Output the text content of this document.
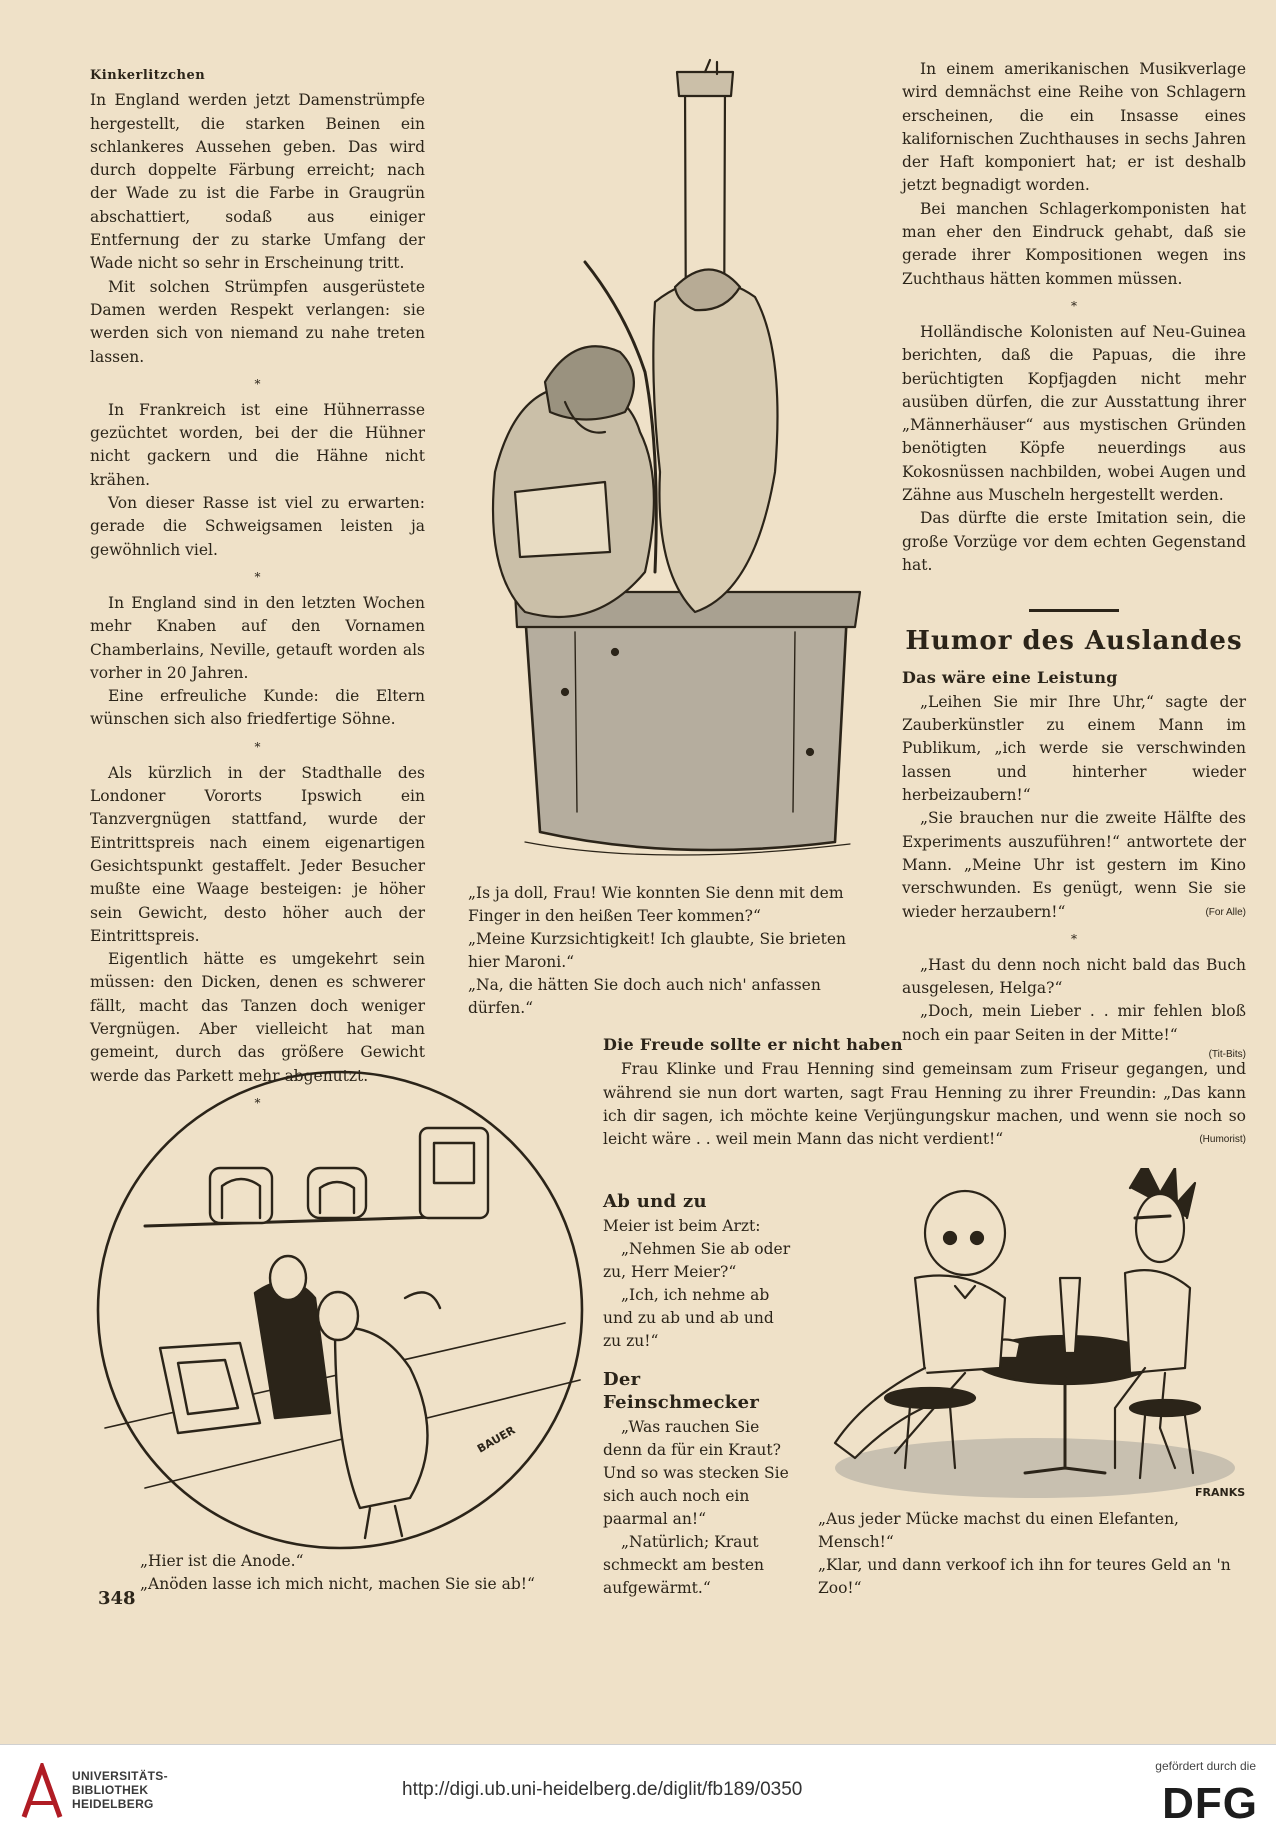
Kinkerlitzchen

In England werden jetzt Damenstrümpfe hergestellt, die starken Beinen ein schlankeres Aussehen geben. Das wird durch doppelte Färbung erreicht; nach der Wade zu ist die Farbe in Graugrün abschattiert, sodaß aus einiger Entfernung der zu starke Umfang der Wade nicht so sehr in Erscheinung tritt.

Mit solchen Strümpfen ausgerüstete Damen werden Respekt verlangen: sie werden sich von niemand zu nahe treten lassen.

*

In Frankreich ist eine Hühnerrasse gezüchtet worden, bei der die Hühner nicht gackern und die Hähne nicht krähen.

Von dieser Rasse ist viel zu erwarten: gerade die Schweigsamen leisten ja gewöhnlich viel.

*

In England sind in den letzten Wochen mehr Knaben auf den Vornamen Chamberlains, Neville, getauft worden als vorher in 20 Jahren.

Eine erfreuliche Kunde: die Eltern wünschen sich also friedfertige Söhne.

*

Als kürzlich in der Stadthalle des Londoner Vororts Ipswich ein Tanzvergnügen stattfand, wurde der Eintrittspreis nach einem eigenartigen Gesichtspunkt gestaffelt. Jeder Besucher mußte eine Waage besteigen: je höher sein Gewicht, desto höher auch der Eintrittspreis.

Eigentlich hätte es umgekehrt sein müssen: den Dicken, denen es schwerer fällt, macht das Tanzen doch weniger Vergnügen. Aber vielleicht hat man gemeint, durch das größere Gewicht werde das Parkett mehr abgenutzt.

*

„Is ja doll, Frau! Wie konnten Sie denn mit dem Finger in den heißen Teer kommen?“

„Meine Kurzsichtigkeit! Ich glaubte, Sie brieten hier Maroni.“

„Na, die hätten Sie doch auch nich' anfassen dürfen.“

In einem amerikanischen Musikverlage wird demnächst eine Reihe von Schlagern erscheinen, die ein Insasse eines kalifornischen Zuchthauses in sechs Jahren der Haft komponiert hat; er ist deshalb jetzt begnadigt worden.

Bei manchen Schlagerkomponisten hat man eher den Eindruck gehabt, daß sie gerade ihrer Kompositionen wegen ins Zuchthaus hätten kommen müssen.

*

Holländische Kolonisten auf Neu-Guinea berichten, daß die Papuas, die ihre berüchtigten Kopfjagden nicht mehr ausüben dürfen, die zur Ausstattung ihrer „Männerhäuser“ aus mystischen Gründen benötigten Köpfe neuerdings aus Kokosnüssen nachbilden, wobei Augen und Zähne aus Muscheln hergestellt werden.

Das dürfte die erste Imitation sein, die große Vorzüge vor dem echten Gegenstand hat.

Humor des Auslandes
Das wäre eine Leistung

„Leihen Sie mir Ihre Uhr,“ sagte der Zauberkünstler zu einem Mann im Publikum, „ich werde sie verschwinden lassen und hinterher wieder herbeizaubern!“

„Sie brauchen nur die zweite Hälfte des Experiments auszuführen!“ antwortete der Mann. „Meine Uhr ist gestern im Kino verschwunden. Es genügt, wenn Sie sie wieder herzaubern!“	(For Alle)

*

„Hast du denn noch nicht bald das Buch ausgelesen, Helga?“

„Doch, mein Lieber . . mir fehlen bloß noch ein paar Seiten in der Mitte!“

(Tit-Bits)
Die Freude sollte er nicht haben

Frau Klinke und Frau Henning sind gemeinsam zum Friseur gegangen, und während sie nun dort warten, sagt Frau Henning zu ihrer Freundin: „Das kann ich dir sagen, ich möchte keine Verjüngungskur machen, und wenn sie noch so leicht wäre . . weil mein Mann das nicht verdient!“	(Humorist)

BAUER

„Hier ist die Anode.“

„Anöden lasse ich mich nicht, machen Sie sie ab!“

348
Ab und zu

Meier ist beim Arzt:

„Nehmen Sie ab oder zu, Herr Meier?“

„Ich, ich nehme ab und zu ab und ab und zu zu!“

Der Feinschmecker

„Was rauchen Sie denn da für ein Kraut? Und so was stecken Sie sich auch noch ein paarmal an!“

„Natürlich; Kraut schmeckt am besten aufgewärmt.“

FRANKS

„Aus jeder Mücke machst du einen Elefanten, Mensch!“

„Klar, und dann verkoof ich ihn for teures Geld an 'n Zoo!“

UNIVERSITÄTS-
BIBLIOTHEK
HEIDELBERG
http://digi.ub.uni-heidelberg.de/diglit/fb189/0350
gefördert durch die
DFG
